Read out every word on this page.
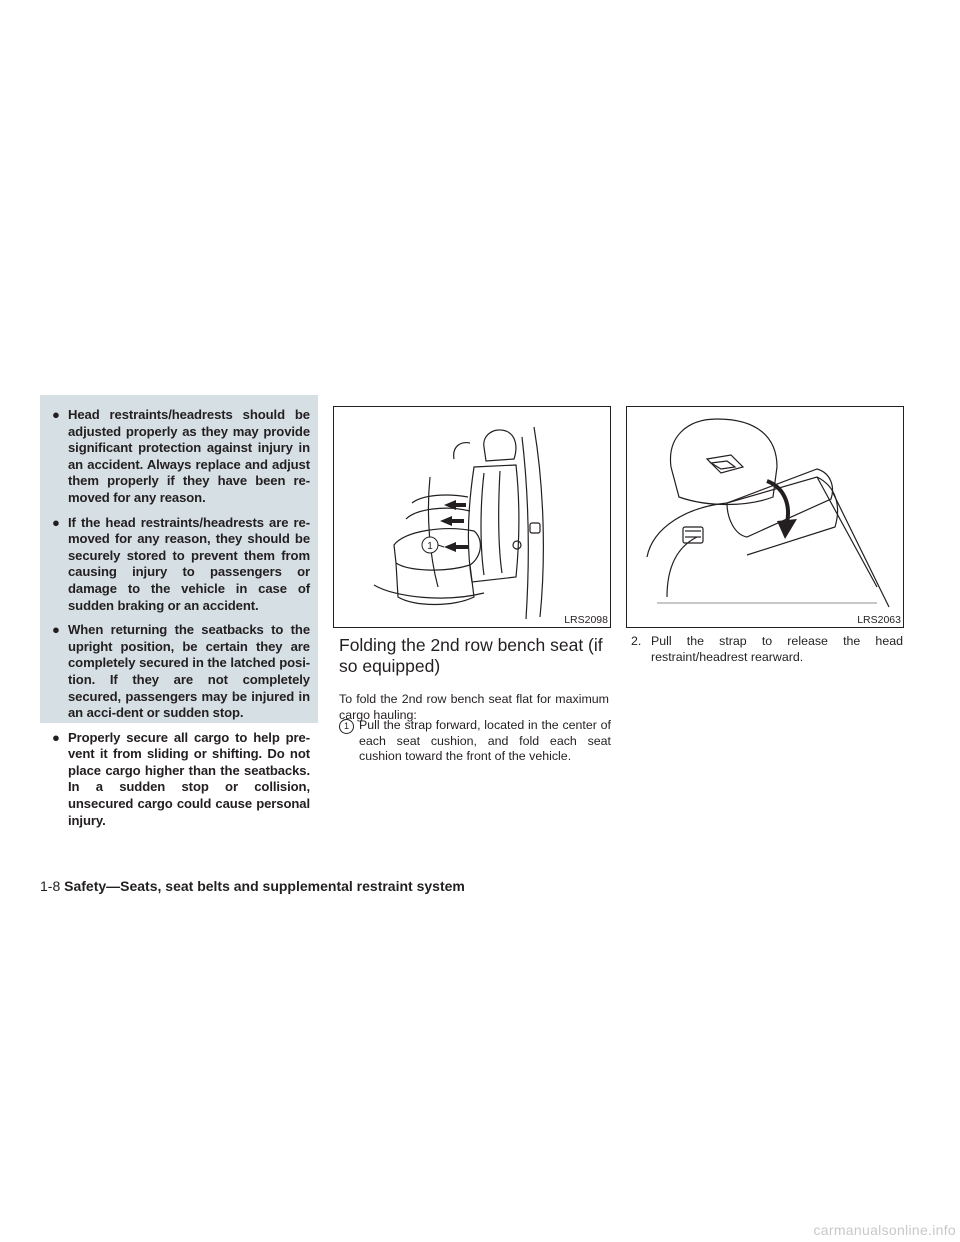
● Head restraints/headrests should be adjusted properly as they may provide significant protection against injury in an accident. Always replace and adjust them properly if they have been re-moved for any reason.
● If the head restraints/headrests are re-moved for any reason, they should be securely stored to prevent them from causing injury to passengers or damage to the vehicle in case of sudden braking or an accident.
● When returning the seatbacks to the upright position, be certain they are completely secured in the latched posi-tion. If they are not completely secured, passengers may be injured in an acci-dent or sudden stop.
● Properly secure all cargo to help pre-vent it from sliding or shifting. Do not place cargo higher than the seatbacks. In a sudden stop or collision, unsecured cargo could cause personal injury.
1
LRS2098	LRS2063
Folding the 2nd row bench seat (if so equipped)

To fold the 2nd row bench seat flat for maximum cargo hauling:

1 Pull the strap forward, located in the center of each seat cushion, and fold each seat cushion toward the front of the vehicle.
2. Pull the strap to release the head restraint/headrest rearward.
1-8 Safety—Seats, seat belts and supplemental restraint system
carmanualsonline.info
